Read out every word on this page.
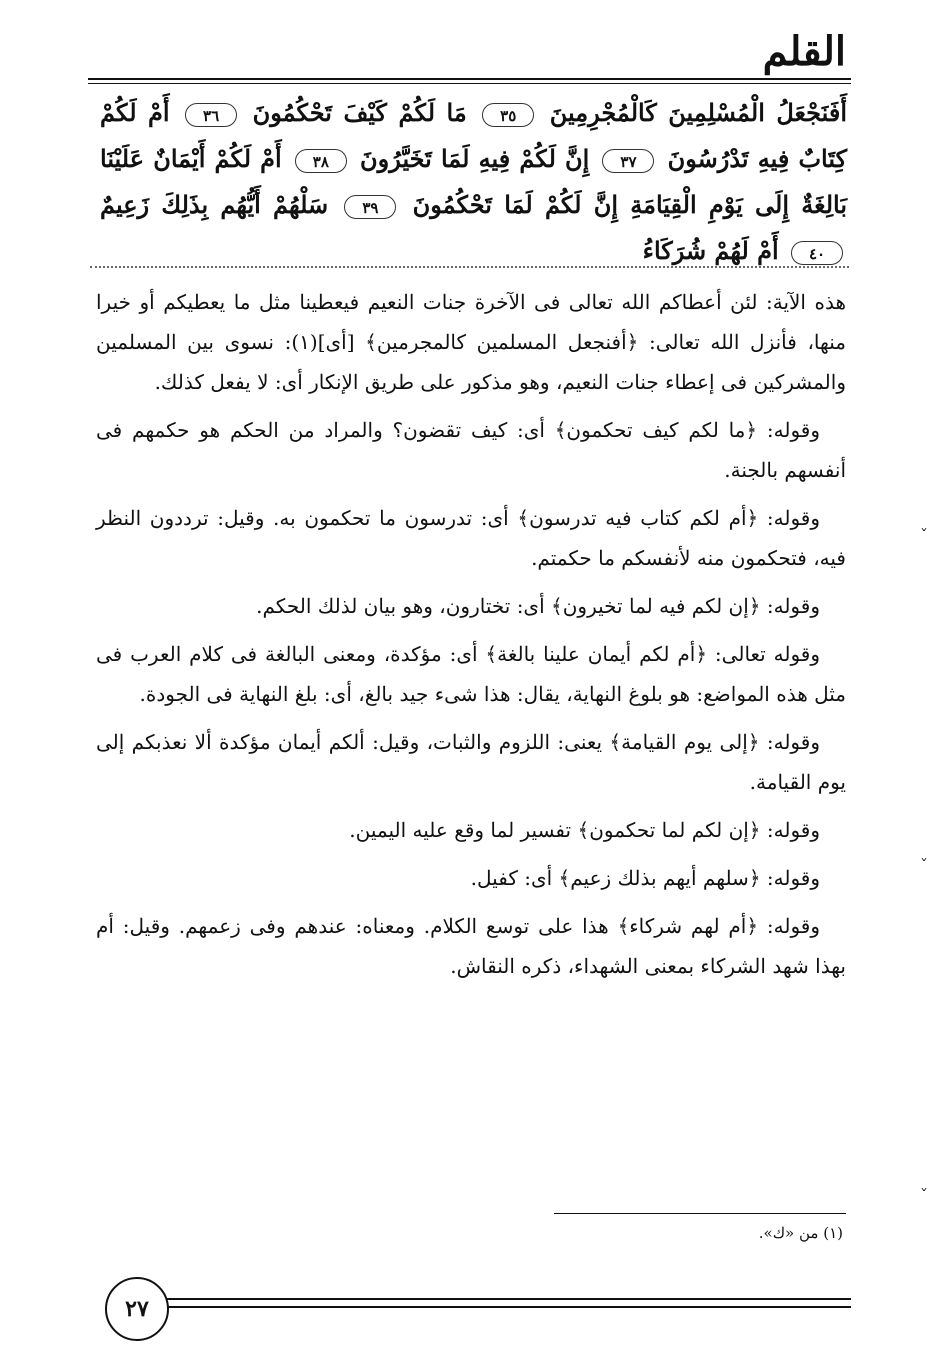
القلم
أَفَنَجْعَلُ الْمُسْلِمِينَ كَالْمُجْرِمِينَ ٣٥ مَا لَكُمْ كَيْفَ تَحْكُمُونَ ٣٦ أَمْ لَكُمْ كِتَابٌ فِيهِ تَدْرُسُونَ ٣٧ إِنَّ لَكُمْ فِيهِ لَمَا تَخَيَّرُونَ ٣٨ أَمْ لَكُمْ أَيْمَانٌ عَلَيْنَا بَالِغَةٌ إِلَى يَوْمِ الْقِيَامَةِ إِنَّ لَكُمْ لَمَا تَحْكُمُونَ ٣٩ سَلْهُمْ أَيُّهُم بِذَلِكَ زَعِيمٌ ٤٠ أَمْ لَهُمْ شُرَكَاءُ

هذه الآية: لئن أعطاكم الله تعالى فى الآخرة جنات النعيم فيعطينا مثل ما يعطيكم أو خيرا منها، فأنزل الله تعالى: ﴿أفنجعل المسلمين كالمجرمين﴾ [أى](١): نسوى بين المسلمين والمشركين فى إعطاء جنات النعيم، وهو مذكور على طريق الإنكار أى: لا يفعل كذلك.

وقوله: ﴿ما لكم كيف تحكمون﴾ أى: كيف تقضون؟ والمراد من الحكم هو حكمهم فى أنفسهم بالجنة.

وقوله: ﴿أم لكم كتاب فيه تدرسون﴾ أى: تدرسون ما تحكمون به. وقيل: ترددون النظر فيه، فتحكمون منه لأنفسكم ما حكمتم.

وقوله: ﴿إن لكم فيه لما تخيرون﴾ أى: تختارون، وهو بيان لذلك الحكم.

وقوله تعالى: ﴿أم لكم أيمان علينا بالغة﴾ أى: مؤكدة، ومعنى البالغة فى كلام العرب فى مثل هذه المواضع: هو بلوغ النهاية، يقال: هذا شىء جيد بالغ، أى: بلغ النهاية فى الجودة.

وقوله: ﴿إلى يوم القيامة﴾ يعنى: اللزوم والثبات، وقيل: ألكم أيمان مؤكدة ألا نعذبكم إلى يوم القيامة.

وقوله: ﴿إن لكم لما تحكمون﴾ تفسير لما وقع عليه اليمين.

وقوله: ﴿سلهم أيهم بذلك زعيم﴾ أى: كفيل.

وقوله: ﴿أم لهم شركاء﴾ هذا على توسع الكلام. ومعناه: عندهم وفى زعمهم. وقيل: أم بهذا شهد الشركاء بمعنى الشهداء، ذكره النقاش.

˯
˯
˯
(١) من «ك».
٢٧
